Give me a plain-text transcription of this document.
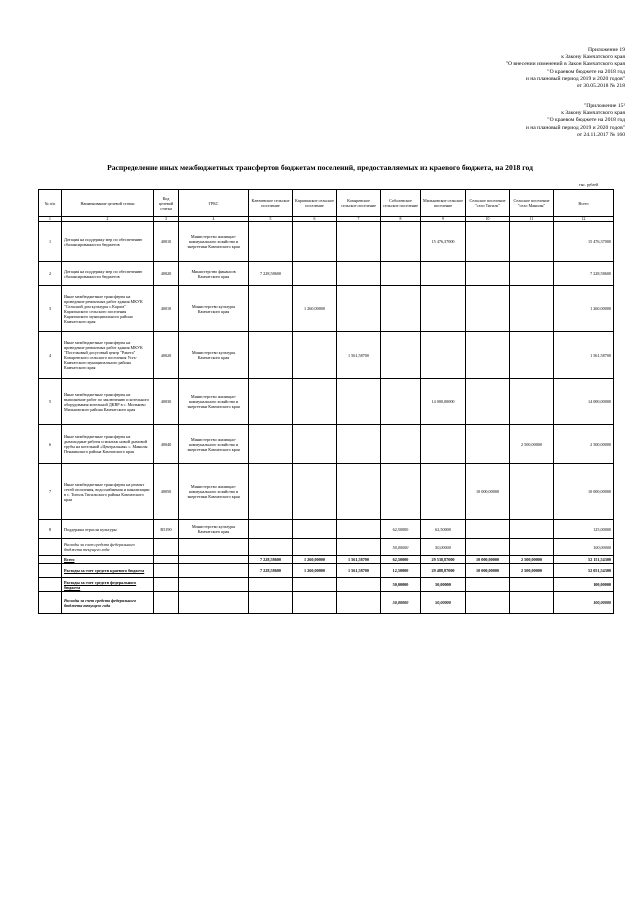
Приложение 19
к Закону Камчатского края
"О внесении изменений в Закон Камчатского края
"О краевом бюджете на 2018 год
и на плановый период 2019 и 2020 годов"
от 30.05.2018 № 218
"Приложение 15²
к Закону Камчатского края
"О краевом бюджете на 2018 год
и на плановый период 2019 и 2020 годов"
от 24.11.2017 № 160
Распределение иных межбюджетных трансфертов бюджетам поселений, предоставляемых из краевого бюджета, на 2018 год
тыс. рублей
№ п/п	Наименование целевой статьи	Код целевой статьи	ГРБС	Ключевское сельское поселение	Карагинское сельское поселение	Козыревское сельское поселение	Соболевское сельское поселение	Мильковское сельское поселение	Сельское поселение "село Тигиль"	Сельское поселение "село Манилы"	Всего
1	2	3	4	5	6	7	8	9	10	11	12
1	Дотация на поддержку мер по обеспечению сбалансированности бюджетов	40010	Министерство жилищно-коммунального хозяйства и энергетики Камчатского края					15 476,37000			15 476,37000
2	Дотация на поддержку мер по обеспечению сбалансированности бюджетов	40020	Министерство финансов Камчатского края	7 228,58600							7 228,58600
3	Иные межбюджетные трансферты на проведение ремонтных работ здания МКУК "Сельский дом культуры с.Карага" Карагинского сельского поселения Карагинского муниципального района Камчатского края	40010	Министерство культуры Камчатского края		1 260,00000						1 260,00000
4	Иные межбюджетные трансферты на проведение ремонтных работ здания МКУК "Поселковый досуговый центр "Ракета" Козыревского сельского поселения Усть-Камчатского муниципального района Камчатского края	40020	Министерство культуры Камчатского края			1 561,58700					1 561,58700
5	Иные межбюджетные трансферты на выполнение работ по заключению и котельного оборудования котельной ДКВР в с. Мильково Мильковского района Камчатского края	40030	Министерство жилищно-коммунального хозяйства и энергетики Камчатского края					14 000,00000			14 000,00000
6	Иные межбюджетные трансферты на дымоходные работы и монтаж новой дымовой трубы на котельной «Центральная» с. Манилы Пенжинского района Камчатского края	40040	Министерство жилищно-коммунального хозяйства и энергетики Камчатского края							2 500,00000	2 500,00000
7	Иные межбюджетные трансферты на ремонт сетей отопления, водоснабжения и канализации в с. Тигиль Тигильского района Камчатского края	40050	Министерство жилищно-коммунального хозяйства и энергетики Камчатского края						10 000,00000		10 000,00000
8	Поддержка отрасли культуры	R5190	Министерство культуры Камчатского края				62,50000	62,50000			125,00000
	Расходы за счет средств федерального бюджета текущего года						50,00000	50,00000			100,00000
	Всего			7 228,58600	1 260,00000	1 561,58700	62,50000	29 538,87000	10 000,00000	2 500,00000	52 151,54300
	Расходы за счет средств краевого бюджета			7 228,58600	1 260,00000	1 561,58700	12,50000	29 488,87000	10 000,00000	2 500,00000	52 051,54300
	Расходы за счет средств федерального бюджета						50,00000	50,00000			100,00000
	Расходы за счет средств федерального бюджета текущего года						50,00000	50,00000			100,00000
